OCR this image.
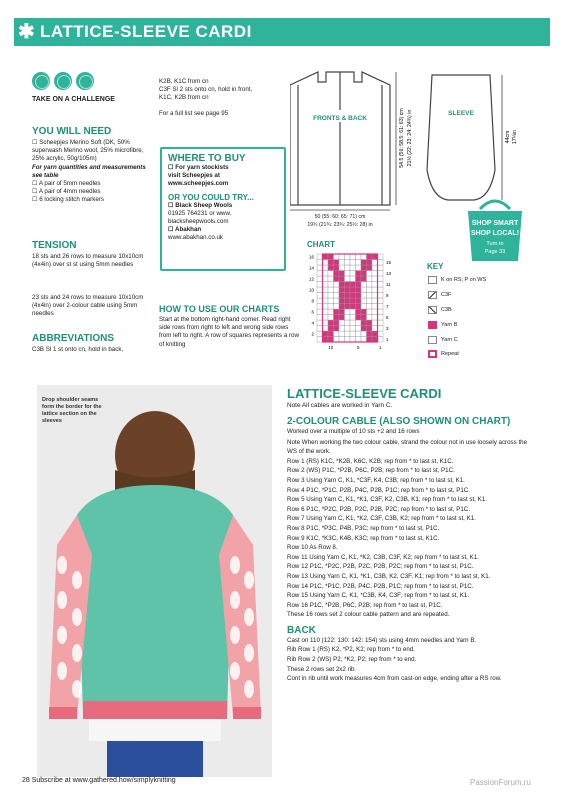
✱ LATTICE-SLEEVE CARDI
TAKE ON A CHALLENGE
YOU WILL NEED
☐ Scheepjes Merino Soft (DK, 50% superwash Merino wool, 25% microfibre, 25% acrylic, 50g/105m)
For yarn quantities and measurements see table
☐ A pair of 5mm needles
☐ A pair of 4mm needles
☐ 6 locking stitch markers
TENSION
18 sts and 26 rows to measure 10x10cm (4x4in) over st st using 5mm needles
23 sts and 24 rows to measure 10x10cm (4x4in) over 2-colour cable using 5mm needles
ABBREVIATIONS
C3B Sl 1 st onto cn, hold in back,
K2B, K1C from cn
C3F Sl 2 sts onto cn, hold in front,
K1C, K2B from cn
For a full list see page 95
WHERE TO BUY
☐ For yarn stockists
visit Scheepjes at
www.scheepjes.com
OR YOU COULD TRY...
☐ Black Sheep Wools
01925 764231 or www.
blacksheepwools.com
☐ Abakhan
www.abakhan.co.uk
HOW TO USE OUR CHARTS
Start at the bottom right-hand corner. Read right side rows from right to left and wrong side rows from left to right. A row of squares represents a row of knitting
FRONTS & BACK
SLEEVE
50 (55: 60: 65: 71) cm
19¾ (21¾: 23¾: 25½: 28) in
54.5 (56: 58.5: 61: 63) cm 21½ (22: 23: 24: 24¾) in	44cm 17¼in
SHOP SMART
SHOP LOCAL!
Turn to
Page 33
CHART
16
14
12
10
8
6
4
2
15
13
11
9
7
5
3
1
10	5	1
KEY
K on RS; P on WS
C3F
C3B
Yarn B
Yarn C
Repeat
Drop shoulder seams form the border for the lattice section on the sleeves
LATTICE-SLEEVE CARDI
Note All cables are worked in Yarn C.
2-COLOUR CABLE (ALSO SHOWN ON CHART)
Worked over a multiple of 10 sts +2 and 16 rows
Note When working the two colour cable, strand the colour not in use loosely across the WS of the work.
Row 1 (RS) K1C, *K2B, K6C, K2B; rep from * to last st, K1C.
Row 2 (WS) P1C, *P2B, P6C, P2B; rep from * to last st, P1C.
Row 3 Using Yarn C, K1, *C3F, K4, C3B; rep from * to last st, K1.
Row 4 P1C, *P1C, P2B, P4C, P2B, P1C; rep from * to last st, P1C.
Row 5 Using Yarn C, K1, *K1, C3F, K2, C3B, K1; rep from * to last st, K1.
Row 6 P1C, *P2C, P2B, P2C, P2B, P2C; rep from * to last st, P1C.
Row 7 Using Yarn C, K1, *K2, C3F, C3B, K2; rep from * to last st, K1.
Row 8 P1C, *P3C, P4B, P3C; rep from * to last st, P1C.
Row 9 K1C, *K3C, K4B, K3C; rep from * to last st, K1C.
Row 10 As Row 8.
Row 11 Using Yarn C, K1, *K2, C3B, C3F, K2; rep from * to last st, K1.
Row 12 P1C, *P2C, P2B, P2C, P2B, P2C; rep from * to last st, P1C.
Row 13 Using Yarn C, K1, *K1, C3B, K2, C3F, K1; rep from * to last st, K1.
Row 14 P1C, *P1C, P2B, P4C, P2B, P1C; rep from * to last st, P1C.
Row 15 Using Yarn C, K1, *C3B, K4, C3F; rep from * to last st, K1.
Row 16 P1C, *P2B, P6C, P2B; rep from * to last st, P1C.
These 16 rows set 2 colour cable pattern and are repeated.
BACK
Cast on 110 (122: 130: 142: 154) sts using 4mm needles and Yarn B.
Rib Row 1 (RS) K2, *P2, K2; rep from * to end.
Rib Row 2 (WS) P2, *K2, P2; rep from * to end.
These 2 rows set 2x2 rib.
Cont in rib until work measures 4cm from cast-on edge, ending after a RS row.
28 Subscribe at www.gathered.how/simplyknitting	PassionForum.ru
